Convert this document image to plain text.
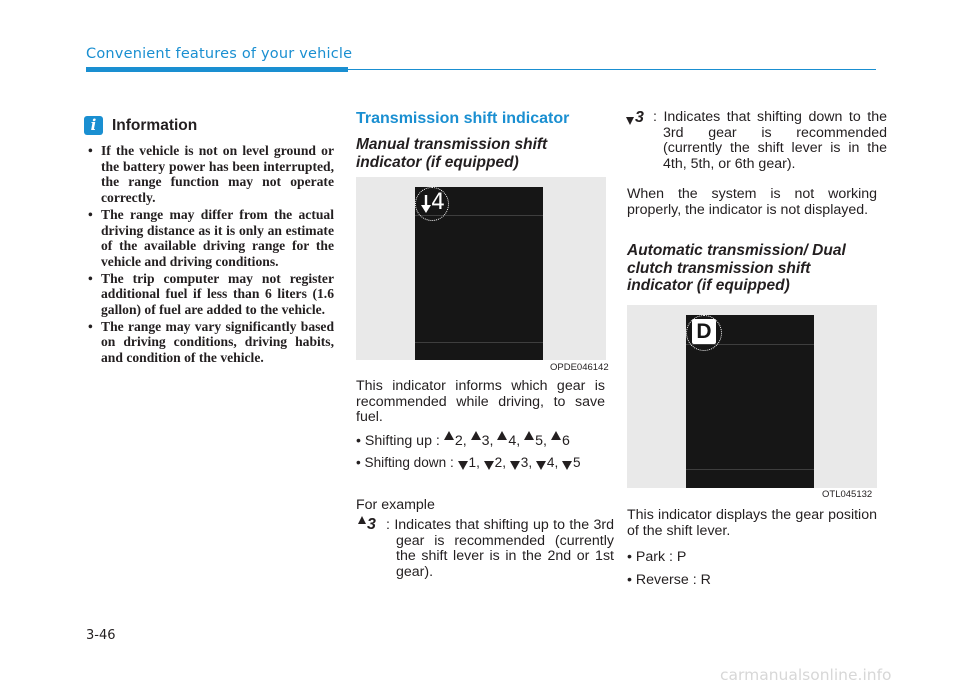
Convenient features of your vehicle
i	Information
• If the vehicle is not on level ground or the battery power has been interrupted, the range function may not operate correctly.
• The range may differ from the actual driving distance as it is only an estimate of the available driving range for the vehicle and driving conditions.
• The trip computer may not register additional fuel if less than 6 liters (1.6 gallon) of fuel are added to the vehicle.
• The range may vary significantly based on driving conditions, driving habits, and condition of the vehicle.
Transmission shift indicator
Manual transmission shift indicator (if equipped)
4
OPDE046142
This indicator informs which gear is recommended while driving, to save fuel.
• Shifting up : 2, 3, 4, 5, 6
• Shifting down : 1, 2, 3, 4, 5
For example
3 : Indicates that shifting up to the 3rd gear is recommended (currently the shift lever is in the 2nd or 1st gear).
3 : Indicates that shifting down to the 3rd gear is recommended (currently the shift lever is in the 4th, 5th, or 6th gear).
When the system is not working properly, the indicator is not displayed.
Automatic transmission/ Dual clutch transmission shift indicator (if equipped)
D
OTL045132
This indicator displays the gear position of the shift lever.
• Park : P
• Reverse : R
3-46
carmanualsonline.info
